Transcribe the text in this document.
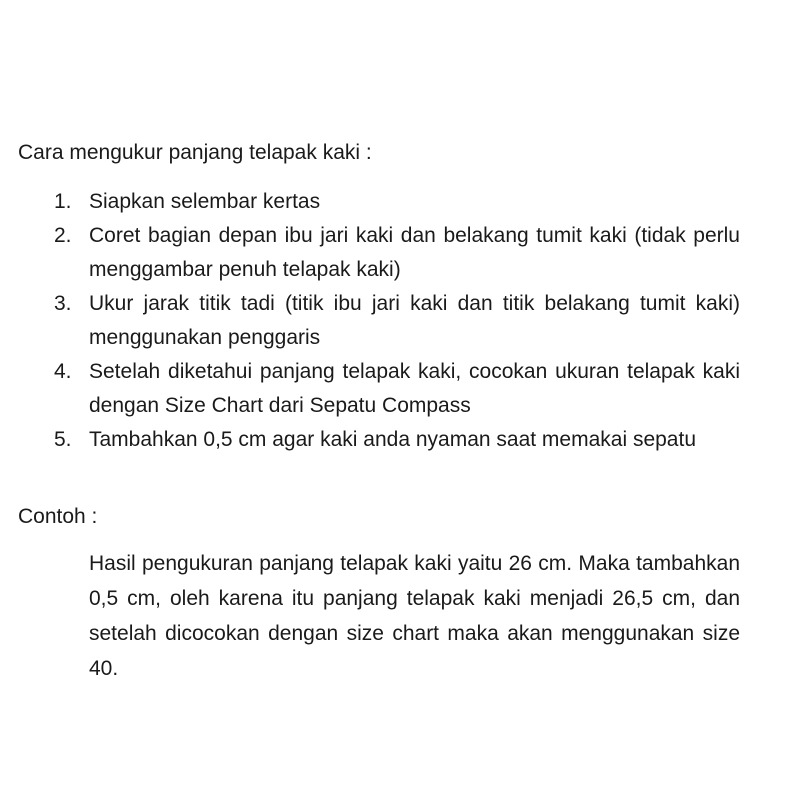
Cara mengukur panjang telapak kaki :
1. Siapkan selembar kertas
2. Coret bagian depan ibu jari kaki dan belakang tumit kaki (tidak perlu menggambar penuh telapak kaki)
3. Ukur jarak titik tadi (titik ibu jari kaki dan titik belakang tumit kaki) menggunakan penggaris
4. Setelah diketahui panjang telapak kaki, cocokan ukuran telapak kaki dengan Size Chart dari Sepatu Compass
5. Tambahkan 0,5 cm agar kaki anda nyaman saat memakai sepatu
Contoh :

Hasil pengukuran panjang telapak kaki yaitu 26 cm. Maka tambahkan 0,5 cm, oleh karena itu panjang telapak kaki menjadi 26,5 cm, dan setelah dicocokan dengan size chart maka akan menggunakan size 40.
